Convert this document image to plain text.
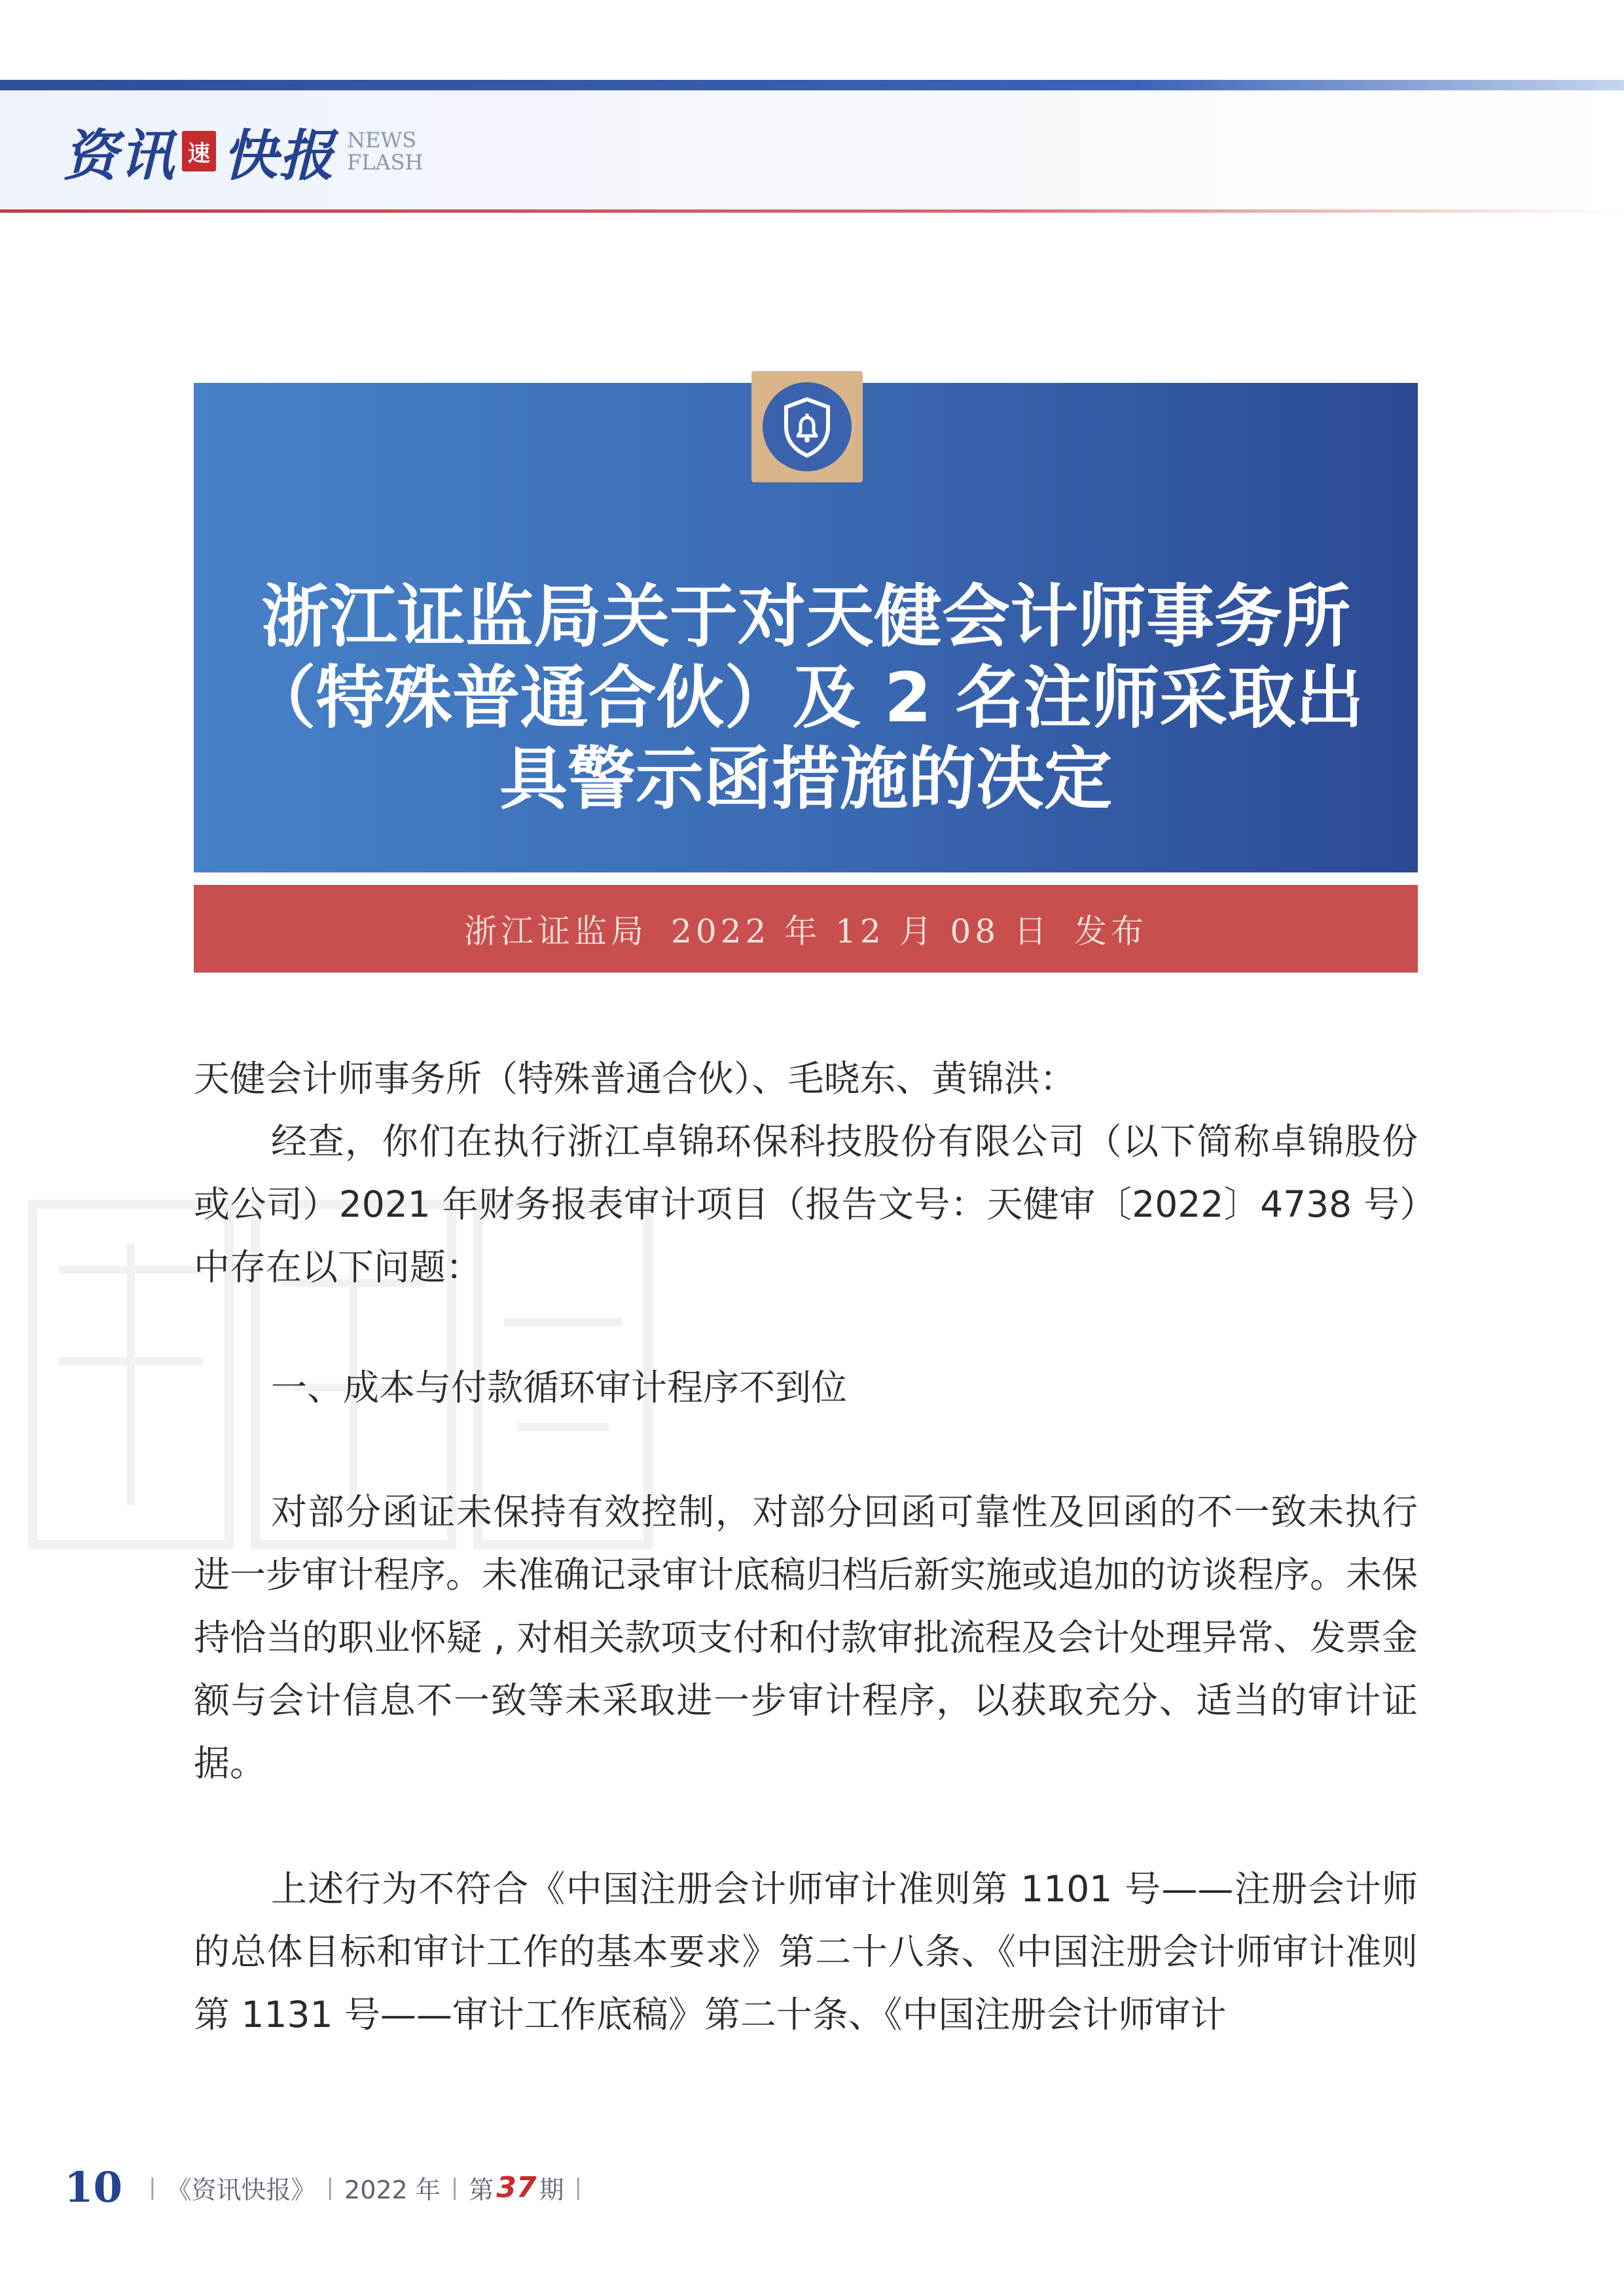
资讯 速 快报 NEWS
FLASH
浙江证监局关于对天健会计师事务所
（特殊普通合伙）及 2 名注师采取出
具警示函措施的决定
浙江证监局 2022 年 12 月 08 日 发布

天健会计师事务所（特殊普通合伙）、毛晓东、黄锦洪：

经查，你们在执行浙江卓锦环保科技股份有限公司（以下简称卓锦股份或公司）2021 年财务报表审计项目（报告文号：天健审〔2022〕4738 号）中存在以下问题：

一、成本与付款循环审计程序不到位

对部分函证未保持有效控制，对部分回函可靠性及回函的不一致未执行进一步审计程序。未准确记录审计底稿归档后新实施或追加的访谈程序。未保持恰当的职业怀疑 , 对相关款项支付和付款审批流程及会计处理异常、发票金额与会计信息不一致等未采取进一步审计程序，以获取充分、适当的审计证据。

上述行为不符合《中国注册会计师审计准则第 1101 号——注册会计师的总体目标和审计工作的基本要求》第二十八条、《中国注册会计师审计准则第 1131 号——审计工作底稿》第二十条、《中国注册会计师审计

10 | 《资讯快报》 | 2022 年 | 第 37 期 |
